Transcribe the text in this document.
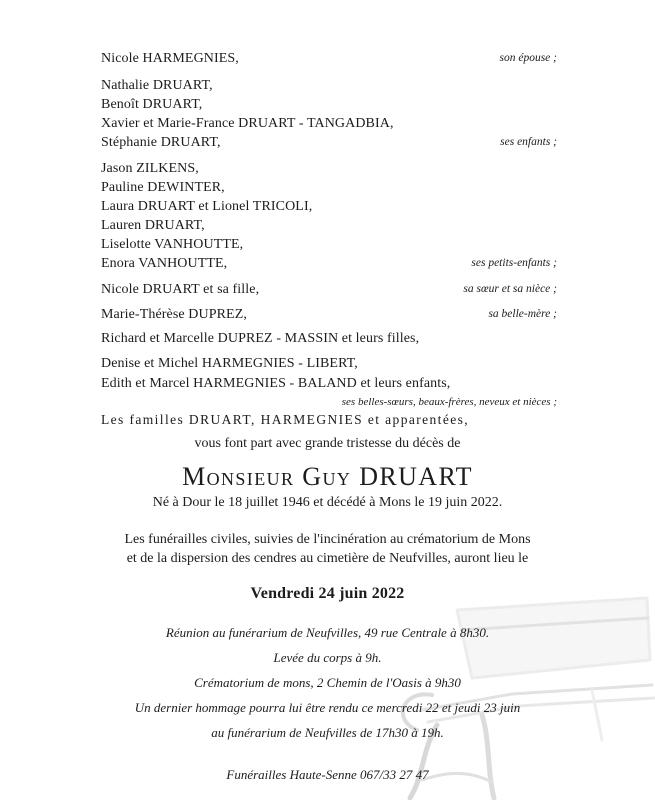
Nicole HARMEGNIES,	son épouse ;
Nathalie DRUART,
Benoît DRUART,
Xavier et Marie-France DRUART - TANGADBIA,
Stéphanie DRUART,	ses enfants ;
Jason ZILKENS,
Pauline DEWINTER,
Laura DRUART et Lionel TRICOLI,
Lauren DRUART,
Liselotte VANHOUTTE,
Enora VANHOUTTE,	ses petits-enfants ;
Nicole DRUART et sa fille,	sa sœur et sa nièce ;
Marie-Thérèse DUPREZ,	sa belle-mère ;
Richard et Marcelle DUPREZ - MASSIN et leurs filles,
Denise et Michel HARMEGNIES - LIBERT,
Edith et Marcel HARMEGNIES - BALAND et leurs enfants,
ses belles-sœurs, beaux-frères, neveux et nièces ;
Les familles DRUART, HARMEGNIES et apparentées,
vous font part avec grande tristesse du décès de
Monsieur Guy DRUART
Né à Dour le 18 juillet 1946 et décédé à Mons le 19 juin 2022.
Les funérailles civiles, suivies de l'incinération au crématorium de Mons
et de la dispersion des cendres au cimetière de Neufvilles, auront lieu le
Vendredi 24 juin 2022
Réunion au funérarium de Neufvilles, 49 rue Centrale à 8h30.
Levée du corps à 9h.
Crématorium de mons, 2 Chemin de l'Oasis à 9h30
Un dernier hommage pourra lui être rendu ce mercredi 22 et jeudi 23 juin
au funérarium de Neufvilles de 17h30 à 19h.
Funérailles Haute-Senne 067/33 27 47
